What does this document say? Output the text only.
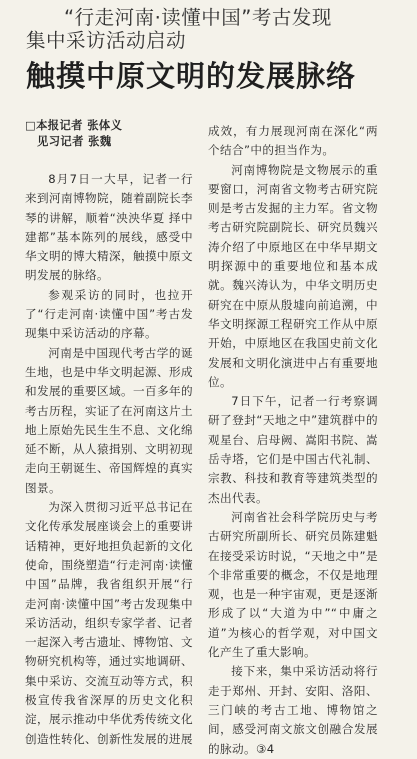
“行走河南·读懂中国”考古发现
集中采访活动启动
触摸中原文明的发展脉络
□本报记者 张体义
见习记者 张魏

8月7日一大早，记者一行来到河南博物院，随着副院长李琴的讲解，顺着“泱泱华夏 择中建都”基本陈列的展线，感受中华文明的博大精深，触摸中原文明发展的脉络。

参观采访的同时，也拉开了“行走河南·读懂中国”考古发现集中采访活动的序幕。

河南是中国现代考古学的诞生地，也是中华文明起源、形成和发展的重要区域。一百多年的考古历程，实证了在河南这片土地上原始先民生生不息、文化绵延不断，从人猿揖别、文明初现走向王朝诞生、帝国辉煌的真实图景。

为深入贯彻习近平总书记在文化传承发展座谈会上的重要讲话精神，更好地担负起新的文化使命，围绕塑造“行走河南·读懂中国”品牌，我省组织开展“行走河南·读懂中国”考古发现集中采访活动，组织专家学者、记者一起深入考古遗址、博物馆、文物研究机构等，通过实地调研、集中采访、交流互动等方式，积极宣传我省深厚的历史文化积淀，展示推动中华优秀传统文化创造性转化、创新性发展的进展

成效，有力展现河南在深化“两个结合”中的担当作为。

河南博物院是文物展示的重要窗口，河南省文物考古研究院则是考古发掘的主力军。省文物考古研究院副院长、研究员魏兴涛介绍了中原地区在中华早期文明探源中的重要地位和基本成就。魏兴涛认为，中华文明历史研究在中原从殷墟向前追溯，中华文明探源工程研究工作从中原开始，中原地区在我国史前文化发展和文明化演进中占有重要地位。

7日下午，记者一行考察调研了登封“天地之中”建筑群中的观星台、启母阙、嵩阳书院、嵩岳寺塔，它们是中国古代礼制、宗教、科技和教育等建筑类型的杰出代表。

河南省社会科学院历史与考古研究所副所长、研究员陈建魁在接受采访时说，“天地之中”是个非常重要的概念，不仅是地理观，也是一种宇宙观，更是逐渐形成了以“大道为中”“中庸之道”为核心的哲学观，对中国文化产生了重大影响。

接下来，集中采访活动将行走于郑州、开封、安阳、洛阳、三门峡的考古工地、博物馆之间，感受河南文旅文创融合发展的脉动。③4
